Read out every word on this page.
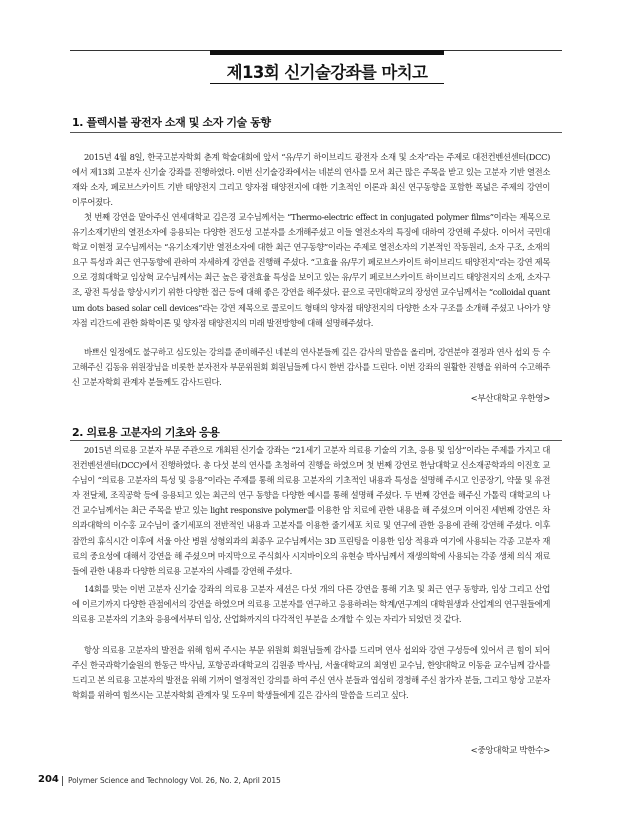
제13회 신기술강좌를 마치고
1. 플렉시블 광전자 소재 및 소자 기술 동향

2015년 4월 8일, 한국고분자학회 춘계 학술대회에 앞서 “유/무기 하이브리드 광전자 소재 및 소자”라는 주제로 대전컨벤션센터(DCC)에서 제13회 고분자 신기술 강좌를 진행하였다. 이번 신기술강좌에서는 네분의 연사를 모셔 최근 많은 주목을 받고 있는 고분자 기반 열전소재와 소자, 페로브스카이트 기반 태양전지 그리고 양자점 태양전지에 대한 기초적인 이론과 최신 연구동향을 포함한 폭넓은 주제의 강연이 이루어졌다.

첫 번째 강연을 맡아주신 연세대학교 김은경 교수님께서는 “Thermo-electric effect in conjugated polymer films”이라는 제목으로 유기소재기반의 열전소자에 응용되는 다양한 전도성 고분자를 소개해주셨고 이들 열전소자의 특징에 대하여 강연해 주셨다. 이어서 국민대학교 이현정 교수님께서는 “유기소재기반 열전소자에 대한 최근 연구동향”이라는 주제로 열전소자의 기본적인 작동원리, 소자 구조, 소재의 요구 특성과 최근 연구동향에 관하여 자세하게 강연을 진행해 주셨다. “고효율 유/무기 페로브스카이트 하이브리드 태양전지”라는 강연 제목으로 경희대학교 임상혁 교수님께서는 최근 높은 광전효율 특성을 보이고 있는 유/무기 페로브스카이트 하이브리드 태양전지의 소재, 소자구조, 광전 특성을 향상시키기 위한 다양한 접근 등에 대해 좋은 강연을 해주셨다. 끝으로 국민대학교의 장성연 교수님께서는 “colloidal quantum dots based solar cell devices”라는 강연 제목으로 콜로이드 형태의 양자점 태양전지의 다양한 소자 구조를 소개해 주셨고 나아가 양자점 리간드에 관한 화학이론 및 양자점 태양전지의 미래 발전방향에 대해 설명해주셨다.

바쁘신 일정에도 불구하고 심도있는 강의를 준비해주신 네분의 연사분들께 깊은 감사의 말씀을 올리며, 강연분야 결정과 연사 섭외 등 수고해주신 김동유 위원장님을 비롯한 분자전자 부문위원회 회원님들께 다시 한번 감사를 드린다. 이번 강좌의 원활한 진행을 위하여 수고해주신 고분자학회 관계자 분들께도 감사드린다.

<부산대학교 우한영>
2. 의료용 고분자의 기초와 응용

2015년 의료용 고분자 부문 주관으로 개최된 신기술 강좌는 “21세기 고분자 의료용 기술의 기초, 응용 및 임상”이라는 주제를 가지고 대전컨벤션센터(DCC)에서 진행하였다. 총 다섯 분의 연사를 초청하여 진행을 하였으며 첫 번째 강연로 한남대학교 신소재공학과의 이진호 교수님이 “의료용 고분자의 특성 및 응용”이라는 주제를 통해 의료용 고분자의 기초적인 내용과 특성을 설명해 주시고 인공장기, 약물 및 유전자 전달체, 조직공학 등에 응용되고 있는 최근의 연구 동향을 다양한 예시를 통해 설명해 주셨다. 두 번째 강연을 해주신 가톨릭 대학교의 나 건 교수님께서는 최근 주목을 받고 있는 light responsive polymer를 이용한 암 치료에 관한 내용을 해 주셨으며 이어진 세번째 강연은 차의과대학의 이수홍 교수님이 줄기세포의 전반적인 내용과 고분자를 이용한 줄기세포 치료 및 연구에 관한 응용에 관해 강연해 주셨다. 이후 잠깐의 휴식시간 이후에 서울 아산 병원 성형외과의 최종우 교수님께서는 3D 프린팅을 이용한 임상 적용과 여기에 사용되는 각종 고분자 재료의 중요성에 대해서 강연을 해 주셨으며 마지막으로 주식회사 시지바이오의 유현승 박사님께서 재생의학에 사용되는 각종 생체 의식 재료들에 관한 내용과 다양한 의료용 고분자의 사례를 강연해 주셨다.

14회를 맞는 이번 고분자 신기술 강좌의 의료용 고분자 세션은 다섯 개의 다른 강연을 통해 기초 및 최근 연구 동향과, 임상 그리고 산업에 이르기까지 다양한 관점에서의 강연을 하였으며 의료용 고분자를 연구하고 응용하려는 학계/연구계의 대학원생과 산업계의 연구원들에게 의료용 고분자의 기초와 응용에서부터 임상, 산업화까지의 다각적인 부분을 소개할 수 있는 자리가 되었던 것 같다.

항상 의료용 고분자의 발전을 위해 힘써 주시는 부문 위원회 회원님들께 감사를 드리며 연사 섭외와 강연 구성등에 있어서 큰 힘이 되어 주신 한국과학기술원의 한동근 박사님, 포항공과대학교의 김원종 박사님, 서울대학교의 최영빈 교수님, 한양대학교 이동윤 교수님께 감사를 드리고 본 의료용 고분자의 발전을 위해 기꺼이 열정적인 강의를 하여 주신 연사 분들과 엽심히 경청해 주신 참가자 분들, 그리고 항상 고분자 학회를 위하여 힘쓰시는 고분자학회 관계자 및 도우미 학생들에게 깊은 감사의 말씀을 드리고 싶다.

<중앙대학교 박한수>
204 Polymer Science and Technology Vol. 26, No. 2, April 2015
